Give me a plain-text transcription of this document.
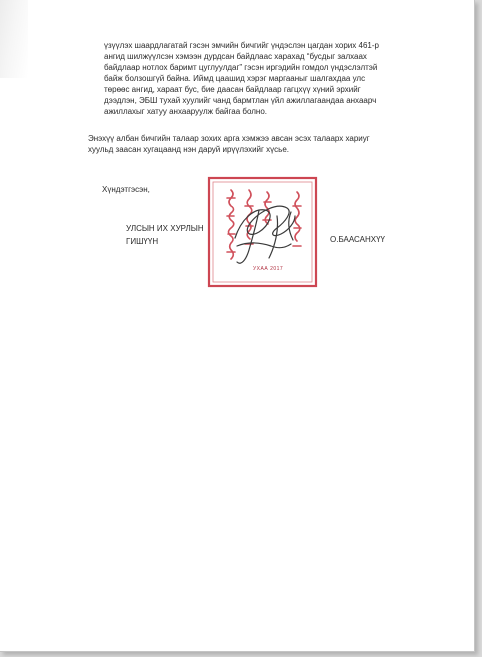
үзүүлэх шаардлагатай гэсэн эмчийн бичгийг үндэслэн цагдан хорих 461-р
ангид шилжүүлсэн хэмээн дурдсан байдлаас харахад “бусдыг залхаах
байдлаар нотлох баримт цуглуулдаг” гэсэн иргэдийн гомдол үндэслэлтэй
байж болзошгүй байна. Иймд цаашид хэрэг маргааныг шалгахдаа улс
төрөөс ангид, хараат бус, бие даасан байдлаар гагцхүү хүний эрхийг
дээдлэн, ЭБШ тухай хуулийг чанд бармтлан үйл ажиллагаандаа анхаарч
ажиллахыг хатуу анхааруулж байгаа болно.
Энэхүү албан бичгийн талаар зохих арга хэмжээ авсан эсэх талаарх хариуг
хуульд заасан хугацаанд нэн даруй ирүүлэхийг хүсье.
Хүндэтгэсэн,
УЛСЫН ИХ ХУРЛЫН
ГИШҮҮН
УХАА 2017
О.БААСАНХҮҮ
